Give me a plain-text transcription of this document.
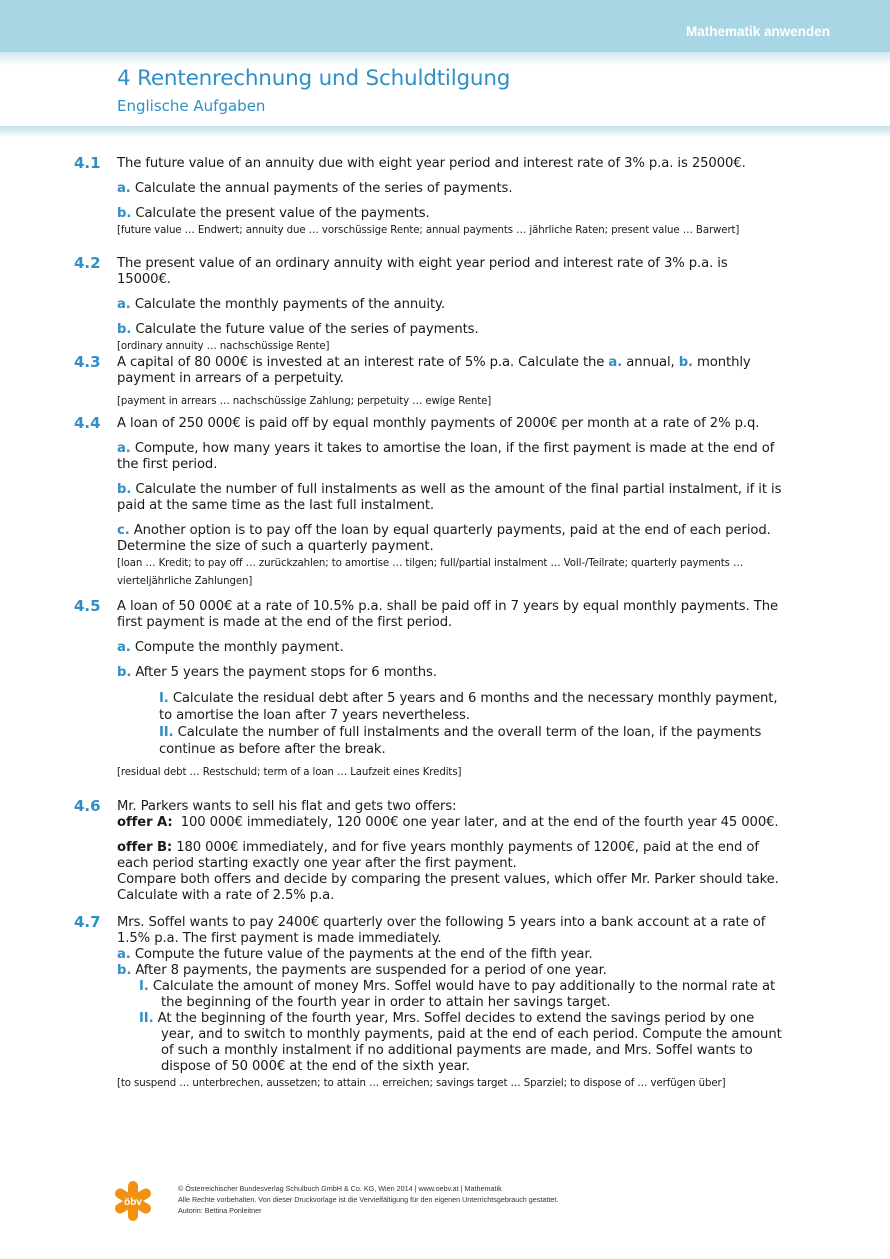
Mathematik anwenden
4 Rentenrechnung und Schuldtilgung
Englische Aufgaben
4.1 The future value of an annuity due with eight year period and interest rate of 3% p.a. is 25000€.
a. Calculate the annual payments of the series of payments.
b. Calculate the present value of the payments.
[future value … Endwert; annuity due … vorschüssige Rente; annual payments … jährliche Raten; present value … Barwert]
4.2 The present value of an ordinary annuity with eight year period and interest rate of 3% p.a. is 15000€.
a. Calculate the monthly payments of the annuity.
b. Calculate the future value of the series of payments.
[ordinary annuity … nachschüssige Rente]
4.3 A capital of 80 000€ is invested at an interest rate of 5% p.a. Calculate the a. annual, b. monthly payment in arrears of a perpetuity.
[payment in arrears … nachschüssige Zahlung; perpetuity … ewige Rente]
4.4 A loan of 250 000€ is paid off by equal monthly payments of 2000€ per month at a rate of 2% p.q.
a. Compute, how many years it takes to amortise the loan, if the first payment is made at the end of the first period.
b. Calculate the number of full instalments as well as the amount of the final partial instalment, if it is paid at the same time as the last full instalment.
c. Another option is to pay off the loan by equal quarterly payments, paid at the end of each period. Determine the size of such a quarterly payment.
[loan … Kredit; to pay off … zurückzahlen; to amortise … tilgen; full/partial instalment … Voll-/Teilrate; quarterly payments … vierteljährliche Zahlungen]
4.5 A loan of 50 000€ at a rate of 10.5% p.a. shall be paid off in 7 years by equal monthly payments. The first payment is made at the end of the first period.
a. Compute the monthly payment.
b. After 5 years the payment stops for 6 months.
I. Calculate the residual debt after 5 years and 6 months and the necessary monthly payment, to amortise the loan after 7 years nevertheless.
II. Calculate the number of full instalments and the overall term of the loan, if the payments continue as before after the break.
[residual debt … Restschuld; term of a loan … Laufzeit eines Kredits]
4.6 Mr. Parkers wants to sell his flat and gets two offers:
offer A: 100 000€ immediately, 120 000€ one year later, and at the end of the fourth year 45 000€.
offer B: 180 000€ immediately, and for five years monthly payments of 1200€, paid at the end of each period starting exactly one year after the first payment.
Compare both offers and decide by comparing the present values, which offer Mr. Parker should take.
Calculate with a rate of 2.5% p.a.
4.7 Mrs. Soffel wants to pay 2400€ quarterly over the following 5 years into a bank account at a rate of 1.5% p.a. The first payment is made immediately.
a. Compute the future value of the payments at the end of the fifth year.
b. After 8 payments, the payments are suspended for a period of one year.
I. Calculate the amount of money Mrs. Soffel would have to pay additionally to the normal rate at the beginning of the fourth year in order to attain her savings target.
II. At the beginning of the fourth year, Mrs. Soffel decides to extend the savings period by one year, and to switch to monthly payments, paid at the end of each period. Compute the amount of such a monthly instalment if no additional payments are made, and Mrs. Soffel wants to dispose of 50 000€ at the end of the sixth year.
[to suspend … unterbrechen, aussetzen; to attain … erreichen; savings target … Sparziel; to dispose of … verfügen über]
öbv
© Österreichischer Bundesverlag Schulbuch GmbH & Co. KG, Wien 2014 | www.oebv.at | Mathematik
Alle Rechte vorbehalten. Von dieser Druckvorlage ist die Vervielfältigung für den eigenen Unterrichtsgebrauch gestattet.
Autorin: Bettina Ponleitner
